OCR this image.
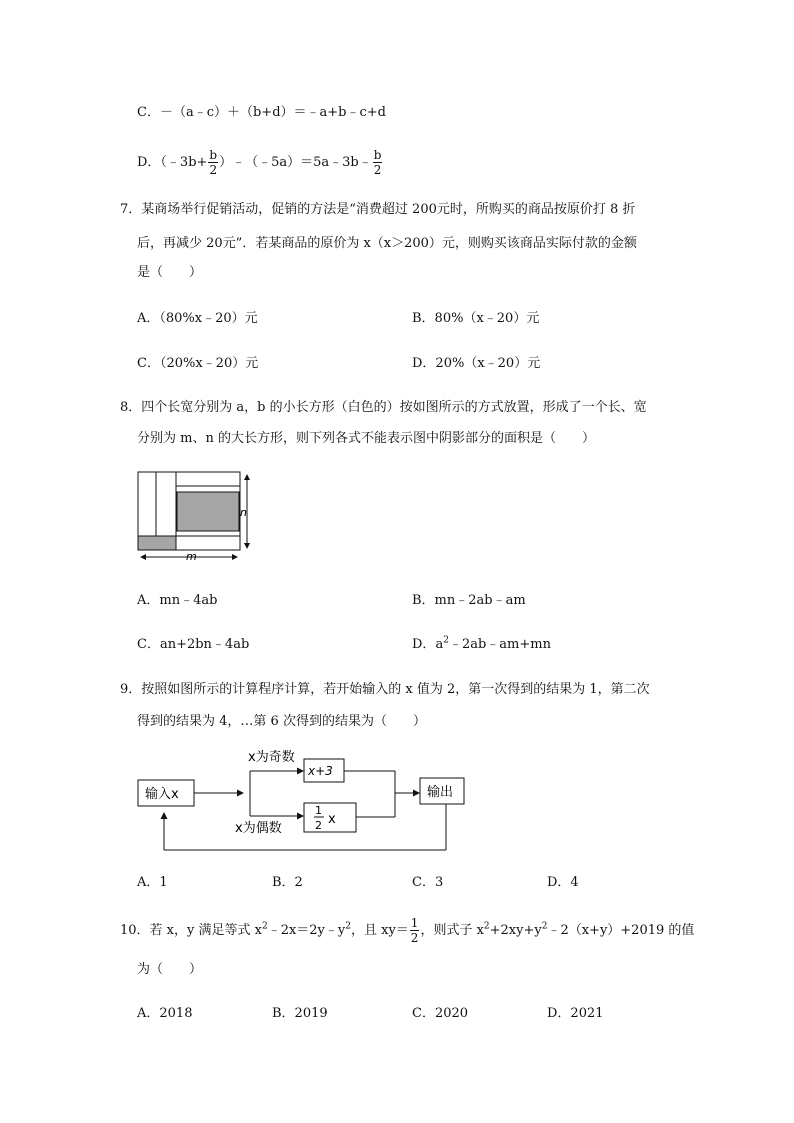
C．－（a﹣c）＋（b+d）＝﹣a+b﹣c+d
D．（﹣3b+ $\frac{b}{2}$ ）﹣（﹣5a）＝5a﹣3b﹣ $\frac{b}{2}$
7．某商场举行促销活动，促销的方法是“消费超过 200元时，所购买的商品按原价打 8 折
后，再减少 20元”．若某商品的原价为 x（x＞200）元，则购买该商品实际付款的金额
是（　　）
A．（80%x﹣20）元	B．80%（x﹣20）元
C．（20%x﹣20）元	D．20%（x﹣20）元
8．四个长宽分别为 a，b 的小长方形（白色的）按如图所示的方式放置，形成了一个长、宽
分别为 m、n 的大长方形，则下列各式不能表示图中阴影部分的面积是（　　）
n
m
A．mn﹣4ab	B．mn﹣2ab﹣am
C．an+2bn﹣4ab	D．$a^2﹣2ab﹣am+mn$
9．按照如图所示的计算程序计算，若开始输入的 x 值为 2，第一次得到的结果为 1，第二次
得到的结果为 4，…第 6 次得到的结果为（　　）
输入x
x为奇数
x为偶数
x+3
1
2 x
输出
A．1	B．2	C．3	D．4
10．若 x，y 满足等式 $x^2﹣2x=2y﹣y^2$，且 $xy= \frac{1}{2}$ ，则式子 $x^2+2xy+y^2﹣2(x+y)+2019$ 的值
为（　　）
A．2018	B．2019	C．2020	D．2021
